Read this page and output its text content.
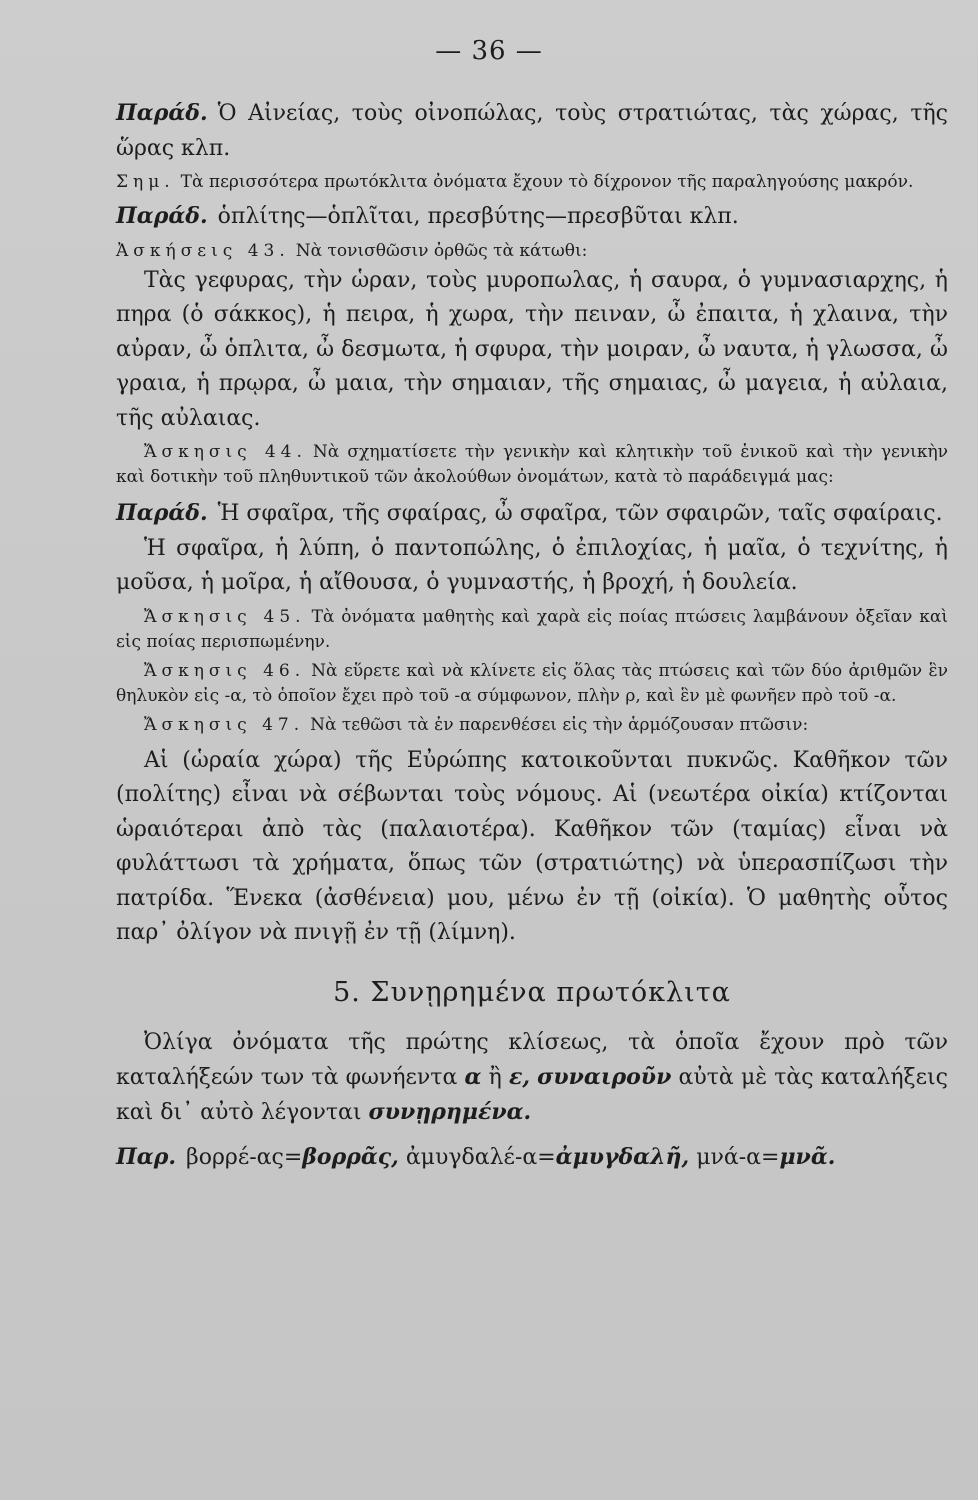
— 36 —

Παράδ. Ὁ Αἰνείας, τοὺς οἰνοπώλας, τοὺς στρατιώτας, τὰς χώρας, τῆς ὥρας κλπ.

Σημ. Τὰ περισσότερα πρωτόκλιτα ὀνόματα ἔχουν τὸ δίχρονον τῆς παραληγούσης μακρόν.

Παράδ. ὁπλίτης—ὁπλῖται, πρεσβύτης—πρεσβῦται κλπ.

Ἀσκήσεις 43. Νὰ τονισθῶσιν ὀρθῶς τὰ κάτωθι:

Τὰς γεφυρας, τὴν ὡραν, τοὺς μυροπωλας, ἡ σαυρα, ὁ γυμνασιαρχης, ἡ πηρα (ὁ σάκκος), ἡ πειρα, ἡ χωρα, τὴν πειναν, ὦ ἐπαιτα, ἡ χλαινα, τὴν αὐραν, ὦ ὁπλιτα, ὦ δεσμωτα, ἡ σφυρα, τὴν μοιραν, ὦ ναυτα, ἡ γλωσσα, ὦ γραια, ἡ πρῳρα, ὦ μαια, τὴν σημαιαν, τῆς σημαιας, ὦ μαγεια, ἡ αὐλαια, τῆς αὐλαιας.

Ἄσκησις 44. Νὰ σχηματίσετε τὴν γενικὴν καὶ κλητικὴν τοῦ ἑνικοῦ καὶ τὴν γενικὴν καὶ δοτικὴν τοῦ πληθυντικοῦ τῶν ἀκολούθων ὀνομάτων, κατὰ τὸ παράδειγμά μας:

Παράδ. Ἡ σφαῖρα, τῆς σφαίρας, ὦ σφαῖρα, τῶν σφαιρῶν, ταῖς σφαίραις.

Ἡ σφαῖρα, ἡ λύπη, ὁ παντοπώλης, ὁ ἐπιλοχίας, ἡ μαῖα, ὁ τεχνίτης, ἡ μοῦσα, ἡ μοῖρα, ἡ αἴθουσα, ὁ γυμναστής, ἡ βροχή, ἡ δουλεία.

Ἄσκησις 45. Τὰ ὀνόματα μαθητὴς καὶ χαρὰ εἰς ποίας πτώσεις λαμβάνουν ὀξεῖαν καὶ εἰς ποίας περισπωμένην.

Ἄσκησις 46. Νὰ εὕρετε καὶ νὰ κλίνετε εἰς ὅλας τὰς πτώσεις καὶ τῶν δύο ἀριθμῶν ἓν θηλυκὸν εἰς -α, τὸ ὁποῖον ἔχει πρὸ τοῦ -α σύμφωνον, πλὴν ρ, καὶ ἓν μὲ φωνῆεν πρὸ τοῦ -α.

Ἄσκησις 47. Νὰ τεθῶσι τὰ ἐν παρενθέσει εἰς τὴν ἁρμόζουσαν πτῶσιν:

Αἱ (ὡραία χώρα) τῆς Εὐρώπης κατοικοῦνται πυκνῶς. Καθῆκον τῶν (πολίτης) εἶναι νὰ σέβωνται τοὺς νόμους. Αἱ (νεωτέρα οἰκία) κτίζονται ὡραιότεραι ἀπὸ τὰς (παλαιοτέρα). Καθῆκον τῶν (ταμίας) εἶναι νὰ φυλάττωσι τὰ χρήματα, ὅπως τῶν (στρατιώτης) νὰ ὑπερασπίζωσι τὴν πατρίδα. Ἕνεκα (ἀσθένεια) μου, μένω ἐν τῇ (οἰκία). Ὁ μαθητὴς οὗτος παρ᾿ ὀλίγον νὰ πνιγῇ ἐν τῇ (λίμνη).

5. Συνῃρημένα πρωτόκλιτα

Ὀλίγα ὀνόματα τῆς πρώτης κλίσεως, τὰ ὁποῖα ἔχουν πρὸ τῶν καταλήξεών των τὰ φωνήεντα α ἢ ε, συναιροῦν αὐτὰ μὲ τὰς καταλήξεις καὶ δι᾿ αὐτὸ λέγονται συνῃρημένα.

Παρ. βορρέ-ας=βορρᾶς, ἀμυγδαλέ-α=ἀμυγδαλῆ, μνά-α=μνᾶ.
